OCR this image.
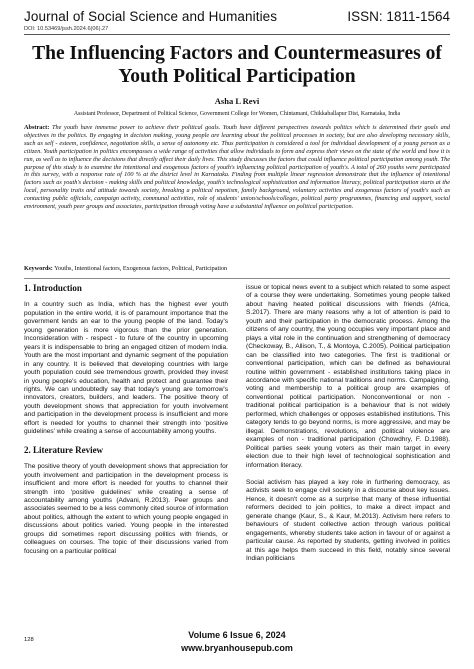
Journal of Social Science and Humanities	ISSN: 1811-1564
DOI: 10.53469/jssh.2024.6(06).27
The Influencing Factors and Countermeasures of Youth Political Participation
Asha L Revi
Assistant Professor, Department of Political Science, Government College for Women, Chintamani, Chikkaballapur Dist, Karnataka, India
Abstract: The youth have immense power to achieve their political goals. Youth have different perspectives towards politics which is determined their goals and objectives in the politics. By engaging in decision making, young people are learning about the political processes in society, but are also developing necessary skills, such as self - esteem, confidence, negotiation skills, a sense of autonomy etc. Thus participation is considered a tool for individual development of a young person as a citizen. Youth participation in politics encompasses a wide range of activities that allow individuals to form and express their views on the state of the world and how it is run, as well as to influence the decisions that directly affect their daily lives. This study discusses the factors that could influence political participation among youth. The purpose of this study is to examine the intentional and exogenous factors of youth's influencing political participation of youth's. A total of 260 youths were participated in this survey, with a response rate of 100 % at the district level in Karnataka. Finding from multiple linear regression demonstrate that the influence of intentional factors such as youth's decision - making skills and political knowledge, youth's technological sophistication and information literacy, political participation starts at the local, personality traits and attitude towards society, breaking a political nepotism, family background, voluntary activities and exogenous factors of youth's such as contacting public officials, campaign activity, communal activities, role of students' union/schools/colleges, political party programmes, financing and support, social environment, youth peer groups and associates, participation through voting have a substantial influence on political participation.
Keywords: Youths, Intentional factors, Exogenous factors, Political, Participation
1. Introduction

In a country such as India, which has the highest ever youth population in the entire world, it is of paramount importance that the government lends an ear to the young people of the land. Today's young generation is more vigorous than the prior generation. Inconsideration with - respect - to future of the country in upcoming years it is indispensable to bring an engaged citizen of modern India. Youth are the most important and dynamic segment of the population in any country. It is believed that developing countries with large youth population could see tremendous growth, provided they invest in young people's education, health and protect and guarantee their rights. We can undoubtedly say that today's young are tomorrow's innovators, creators, builders, and leaders. The positive theory of youth development shows that appreciation for youth involvement and participation in the development process is insufficient and more effort is needed for youths to channel their strength into 'positive guidelines' while creating a sense of accountability among youths.

2. Literature Review

The positive theory of youth development shows that appreciation for youth involvement and participation in the development process is insufficient and more effort is needed for youths to channel their strength into 'positive guidelines' while creating a sense of accountability among youths (Advani, R.2013). Peer groups and associates seemed to be a less commonly cited source of information about politics, although the extent to which young people engaged in discussions about politics varied. Young people in the interested groups did sometimes report discussing politics with friends, or colleagues on courses. The topic of their discussions varied from focusing on a particular political

issue or topical news event to a subject which related to some aspect of a course they were undertaking. Sometimes young people talked about having heated political discussions with friends (Africa, S.2017). There are many reasons why a lot of attention is paid to youth and their participation in the democratic process. Among the citizens of any country, the young occupies very important place and plays a vital role in the continuation and strengthening of democracy (Checkoway, B., Allison, T., & Montoya, C.2005). Political participation can be classified into two categories. The first is traditional or conventional participation, which can be defined as behavioural routine within government - established institutions taking place in accordance with specific national traditions and norms. Campaigning, voting and membership to a political group are examples of conventional political participation. Nonconventional or non - traditional political participation is a behaviour that is not widely performed, which challenges or opposes established institutions. This category tends to go beyond norms, is more aggressive, and may be illegal. Demonstrations, revolutions, and political violence are examples of non - traditional participation (Chowdhry, F. D.1988). Political parties seek young voters as their main target in every election due to their high level of technological sophistication and information literacy.

Social activism has played a key role in furthering democracy, as activists seek to engage civil society in a discourse about key issues. Hence, it doesn't come as a surprise that many of these influential reformers decided to join politics, to make a direct impact and generate change (Kaur, S., & Kaur, M.2013). Activism here refers to behaviours of student collective action through various political engagements, whereby students take action in favour of or against a particular cause. As reported by students, getting involved in politics at this age helps them succeed in this field, notably since several Indian politicians

128	Volume 6 Issue 6, 2024
www.bryanhousepub.com
